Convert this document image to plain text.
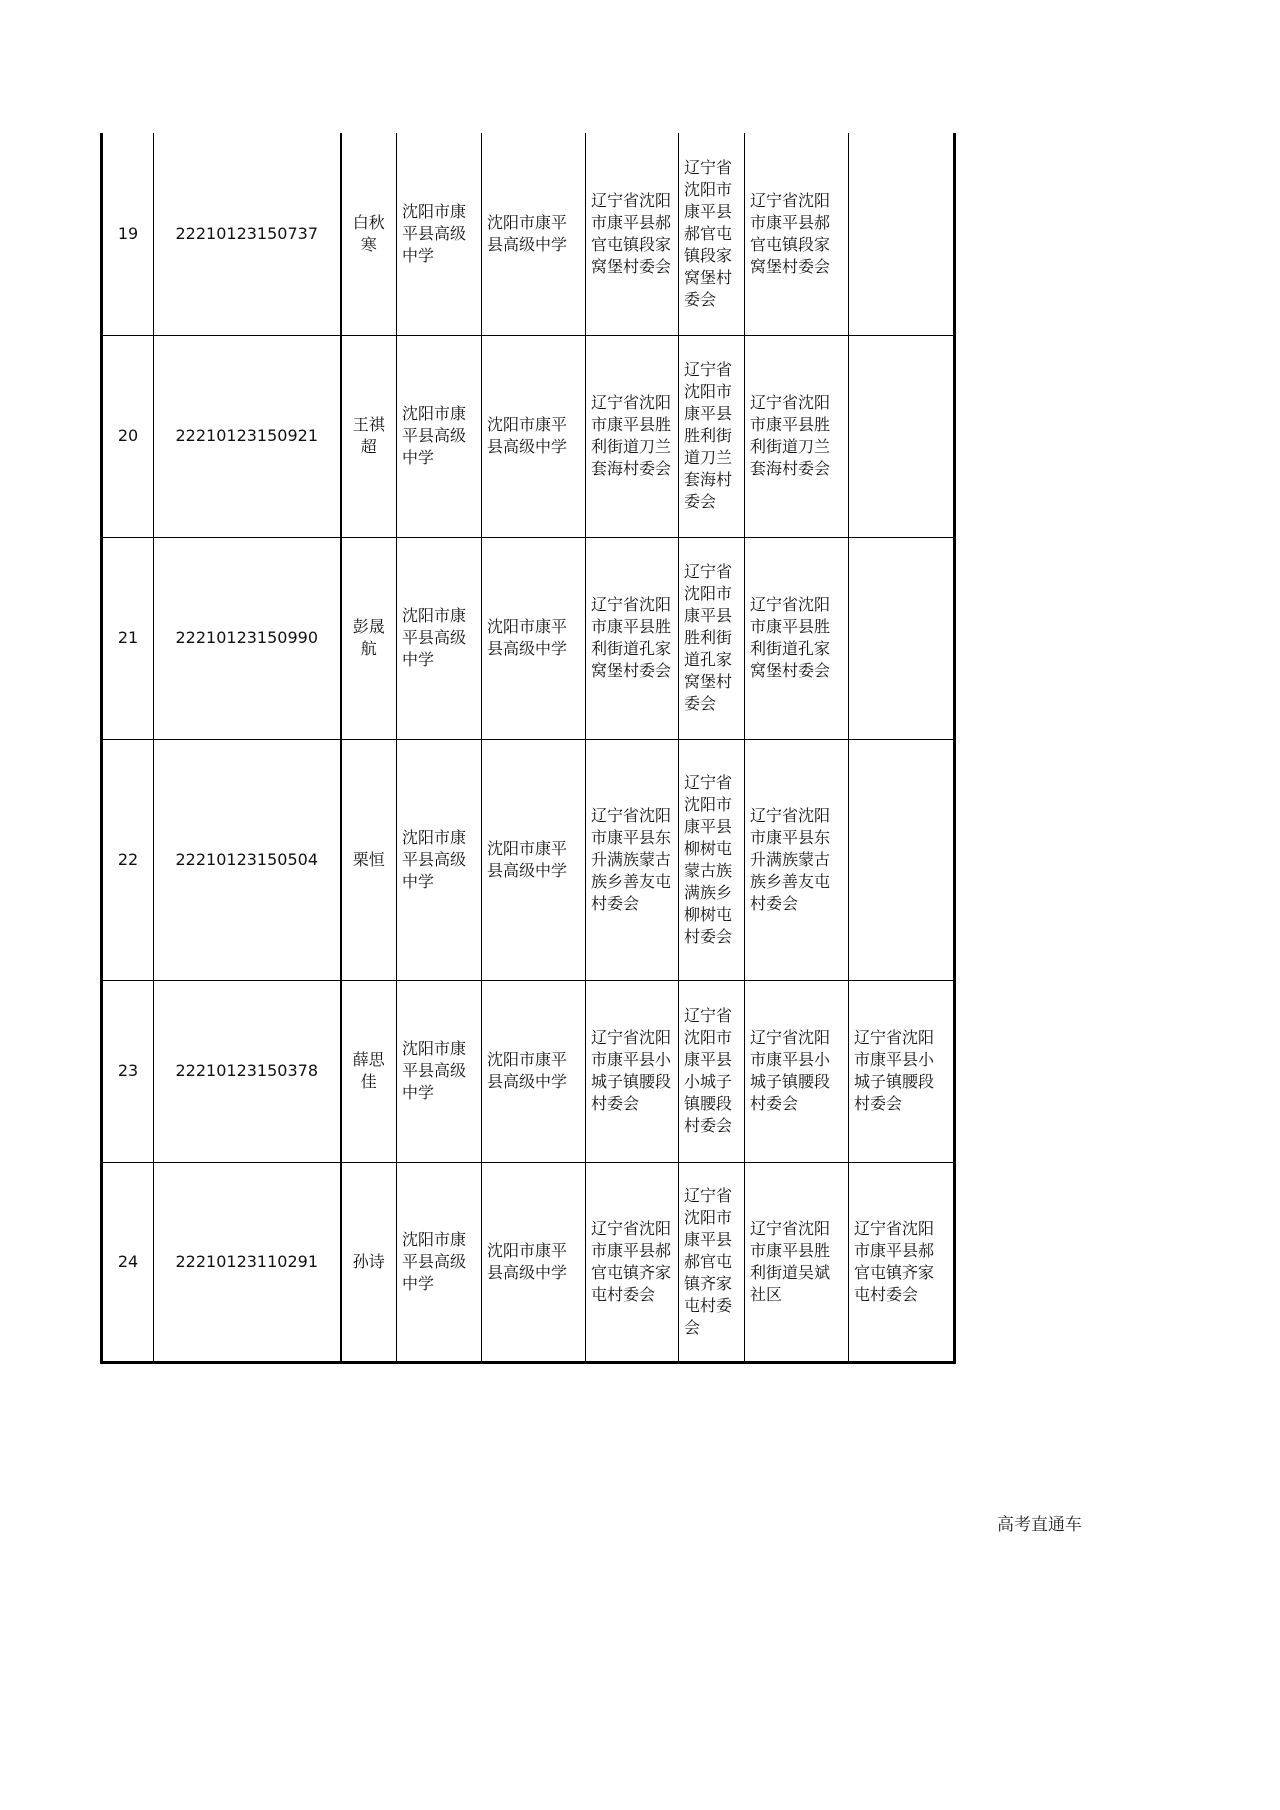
19	22210123150737	白秋寒	沈阳市康平县高级中学	沈阳市康平县高级中学	辽宁省沈阳市康平县郝官屯镇段家窝堡村委会	辽宁省沈阳市康平县郝官屯镇段家窝堡村委会	辽宁省沈阳市康平县郝官屯镇段家窝堡村委会	
20	22210123150921	王祺超	沈阳市康平县高级中学	沈阳市康平县高级中学	辽宁省沈阳市康平县胜利街道刀兰套海村委会	辽宁省沈阳市康平县胜利街道刀兰套海村委会	辽宁省沈阳市康平县胜利街道刀兰套海村委会	
21	22210123150990	彭晟航	沈阳市康平县高级中学	沈阳市康平县高级中学	辽宁省沈阳市康平县胜利街道孔家窝堡村委会	辽宁省沈阳市康平县胜利街道孔家窝堡村委会	辽宁省沈阳市康平县胜利街道孔家窝堡村委会	
22	22210123150504	栗恒	沈阳市康平县高级中学	沈阳市康平县高级中学	辽宁省沈阳市康平县东升满族蒙古族乡善友屯村委会	辽宁省沈阳市康平县柳树屯蒙古族满族乡柳树屯村委会	辽宁省沈阳市康平县东升满族蒙古族乡善友屯村委会	
23	22210123150378	薛思佳	沈阳市康平县高级中学	沈阳市康平县高级中学	辽宁省沈阳市康平县小城子镇腰段村委会	辽宁省沈阳市康平县小城子镇腰段村委会	辽宁省沈阳市康平县小城子镇腰段村委会	辽宁省沈阳市康平县小城子镇腰段村委会
24	22210123110291	孙诗	沈阳市康平县高级中学	沈阳市康平县高级中学	辽宁省沈阳市康平县郝官屯镇齐家屯村委会	辽宁省沈阳市康平县郝官屯镇齐家屯村委会	辽宁省沈阳市康平县胜利街道吴斌社区	辽宁省沈阳市康平县郝官屯镇齐家屯村委会
高考直通车
